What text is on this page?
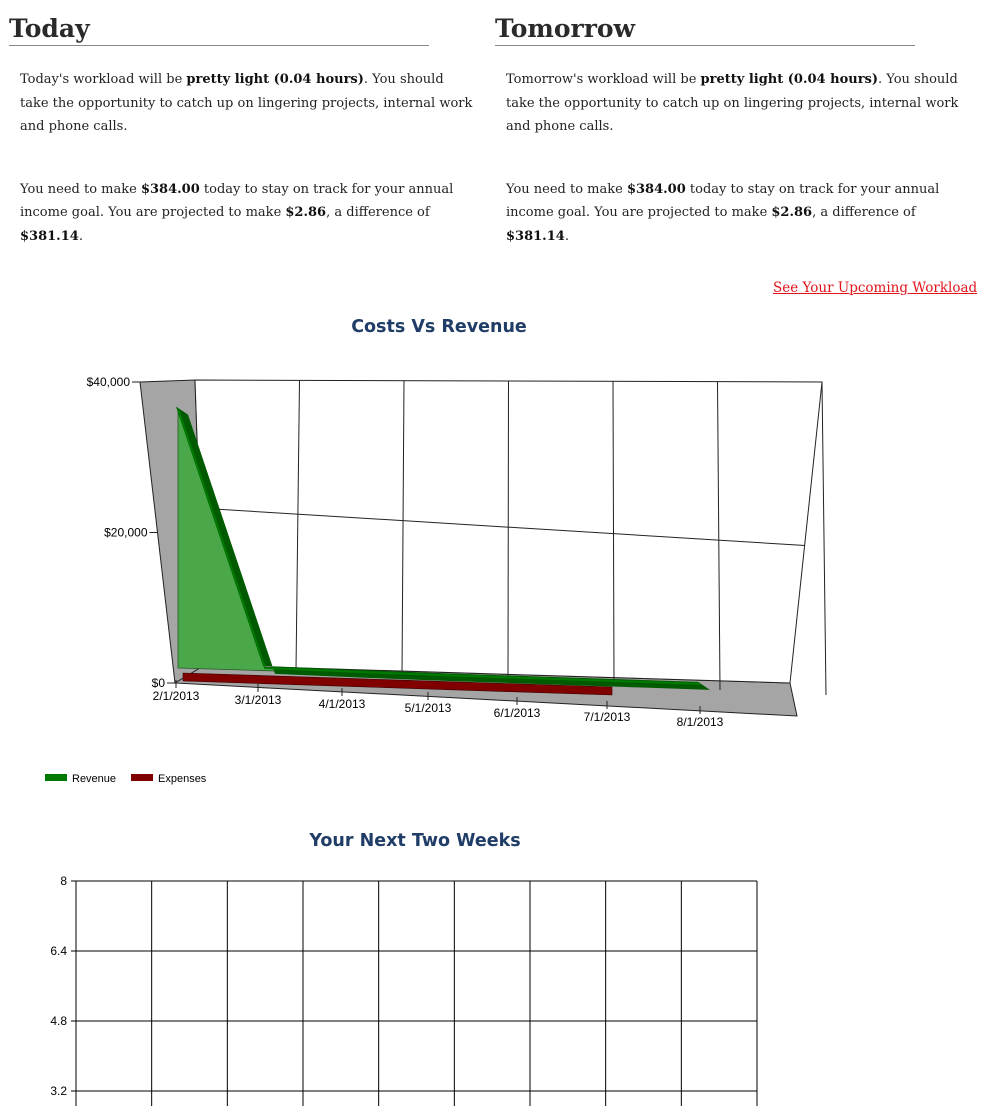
Today

Today's workload will be pretty light (0.04 hours). You should take the opportunity to catch up on lingering projects, internal work and phone calls.

You need to make $384.00 today to stay on track for your annual income goal. You are projected to make $2.86, a difference of $381.14.

Tomorrow

Tomorrow's workload will be pretty light (0.04 hours). You should take the opportunity to catch up on lingering projects, internal work and phone calls.

You need to make $384.00 today to stay on track for your annual income goal. You are projected to make $2.86, a difference of $381.14.

See Your Upcoming Workload
Costs Vs Revenue
$0
$20,000
$40,000
2/1/2013	3/1/2013	4/1/2013	5/1/2013	6/1/2013	7/1/2013	8/1/2013
Revenue	Expenses
Your Next Two Weeks
8
6.4
4.8
3.2
